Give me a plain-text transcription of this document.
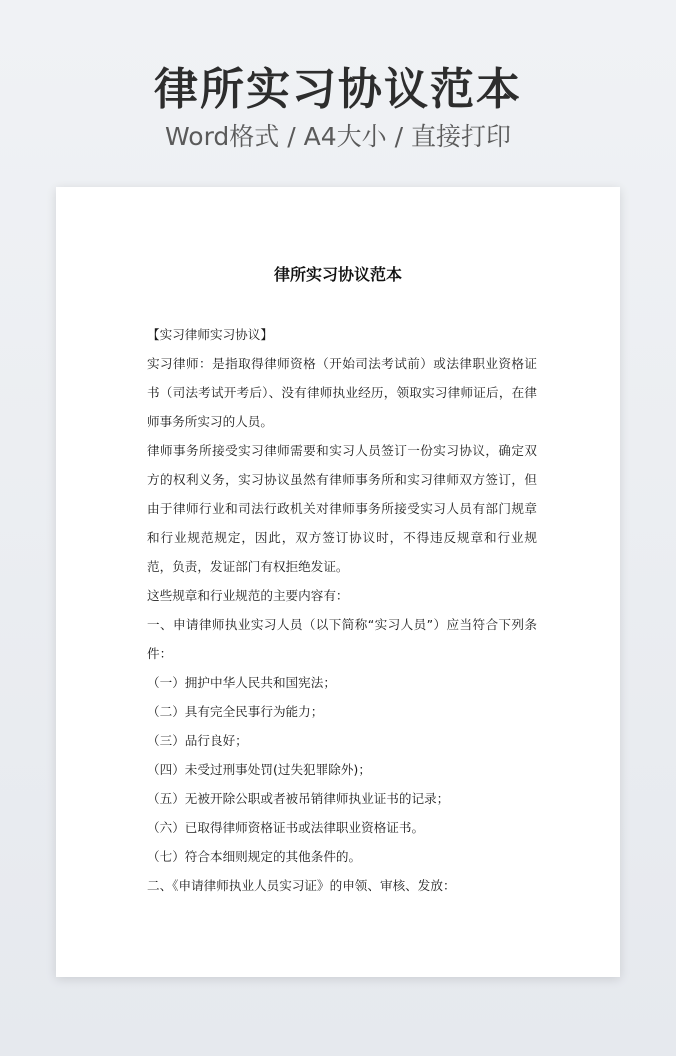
律所实习协议范本
Word格式 / A4大小 / 直接打印
律所实习协议范本

【实习律师实习协议】

实习律师：是指取得律师资格（开始司法考试前）或法律职业资格证书（司法考试开考后）、没有律师执业经历，领取实习律师证后，在律师事务所实习的人员。

律师事务所接受实习律师需要和实习人员签订一份实习协议，确定双方的权利义务，实习协议虽然有律师事务所和实习律师双方签订，但由于律师行业和司法行政机关对律师事务所接受实习人员有部门规章和行业规范规定，因此，双方签订协议时，不得违反规章和行业规范，负责，发证部门有权拒绝发证。

这些规章和行业规范的主要内容有：

一、申请律师执业实习人员（以下简称“实习人员”）应当符合下列条件：

（一）拥护中华人民共和国宪法；

（二）具有完全民事行为能力；

（三）品行良好；

（四）未受过刑事处罚(过失犯罪除外)；

（五）无被开除公职或者被吊销律师执业证书的记录；

（六）已取得律师资格证书或法律职业资格证书。

（七）符合本细则规定的其他条件的。

二、《申请律师执业人员实习证》的申领、审核、发放：
